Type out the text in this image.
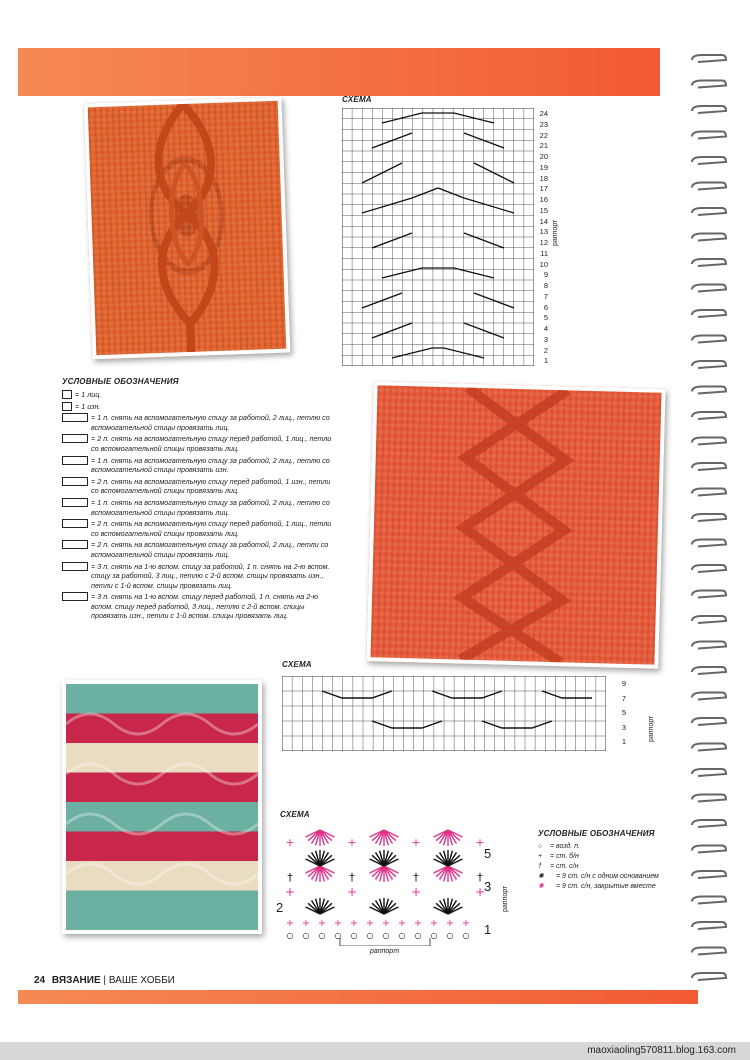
СХЕМА
24
23
22
21
20
19
18
17
16
15
14
13
12
11
10
9
8
7
6
5
4
3
2
1
раппорт
УСЛОВНЫЕ ОБОЗНАЧЕНИЯ
= 1 лиц.
= 1 изн.
= 1 п. снять на вспомогательную спицу за работой, 2 лиц., петлю со вспомогательной спицы провязать лиц.
= 2 п. снять на вспомогательную спицу перед работой, 1 лиц., петли со вспомогательной спицы провязать лиц.
= 1 п. снять на вспомогательную спицу за работой, 2 лиц., петлю со вспомогательной спицы провязать изн.
= 2 п. снять на вспомогательную спицу перед работой, 1 изн., петли со вспомогательной спицы провязать лиц.
= 1 п. снять на вспомогательную спицу за работой, 2 лиц., петлю со вспомогательной спицы провязать лиц.
= 2 п. снять на вспомогательную спицу перед работой, 1 лиц., петли со вспомогательной спицы провязать лиц.
= 2 п. снять на вспомогательную спицу за работой, 2 лиц., петли со вспомогательной спицы провязать лиц.
= 3 п. снять на 1-ю вспом. спицу за работой, 1 п. снять на 2-ю вспом. спицу за работой, 3 лиц., петлю с 2-й вспом. спицы провязать изн., петли с 1-й вспом. спицы провязать лиц.
= 3 п. снять на 1-ю вспом. спицу перед работой, 1 п. снять на 2-ю вспом. спицу перед работой, 3 лиц., петлю с 2-й вспом. спицы провязать изн., петли с 1-й вспом. спицы провязать лиц.
СХЕМА
9
7
5
3
1	раппорт
СХЕМА
○ ○ ○ ○ ○ ○ ○ ○ ○ ○ ○ ○
+ + + + + + + + + + + +
+	+	+	+
†	†	†	†
+	+	+	+
5
3
2
1
раппорт
раппорт
УСЛОВНЫЕ ОБОЗНАЧЕНИЯ
○	= возд. п.
+	= ст. б/н
†	= ст. с/н
✺	= 9 ст. с/н с одним основанием
✺	= 9 ст. с/н, закрытые вместе
24 ВЯЗАНИЕ | ВАШЕ ХОББИ
maoxiaoling570811.blog.163.com
